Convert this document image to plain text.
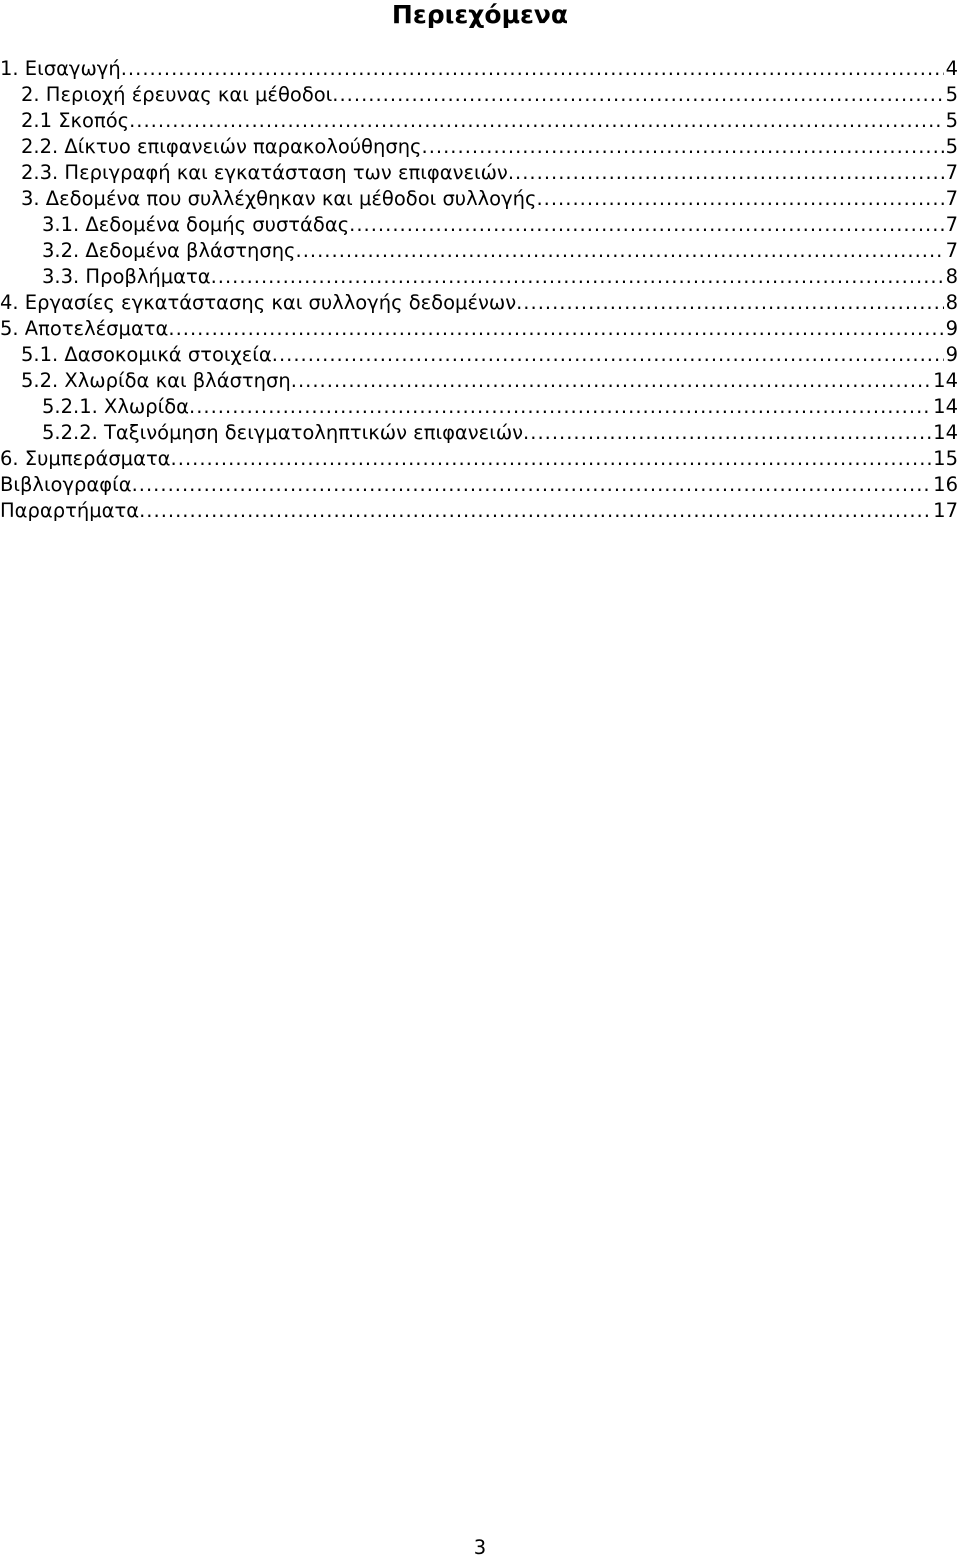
Περιεχόμενα
1. Εισαγωγή .....	4
2. Περιοχή έρευνας και μέθοδοι .....	5
2.1 Σκοπός .....	5
2.2. Δίκτυο επιφανειών παρακολούθησης .....	5
2.3. Περιγραφή και εγκατάσταση των επιφανειών .....	7
3. Δεδομένα που συλλέχθηκαν και μέθοδοι συλλογής .....	7
3.1. Δεδομένα δομής συστάδας .....	7
3.2. Δεδομένα βλάστησης .....	7
3.3. Προβλήματα .....	8
4. Εργασίες εγκατάστασης και συλλογής δεδομένων .....	8
5. Αποτελέσματα .....	9
5.1. Δασοκομικά στοιχεία .....	9
5.2. Χλωρίδα και βλάστηση .....	14
5.2.1. Χλωρίδα .....	14
5.2.2. Ταξινόμηση δειγματοληπτικών επιφανειών .....	14
6. Συμπεράσματα .....	15
Βιβλιογραφία .....	16
Παραρτήματα .....	17
3
